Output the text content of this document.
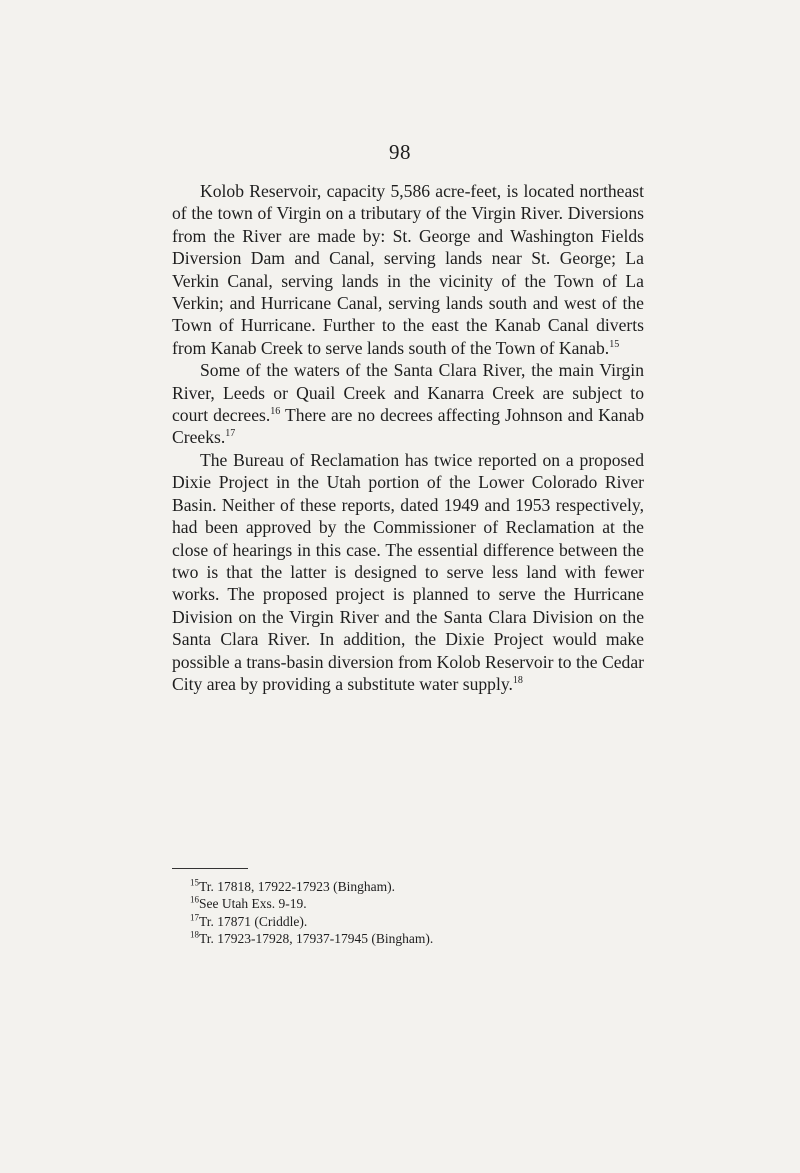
98

Kolob Reservoir, capacity 5,586 acre-feet, is located northeast of the town of Virgin on a tributary of the Virgin River. Diversions from the River are made by: St. George and Washington Fields Diversion Dam and Canal, serving lands near St. George; La Verkin Canal, serving lands in the vicinity of the Town of La Verkin; and Hurricane Canal, serving lands south and west of the Town of Hurricane. Further to the east the Kanab Canal diverts from Kanab Creek to serve lands south of the Town of Kanab.$^{15}$

Some of the waters of the Santa Clara River, the main Virgin River, Leeds or Quail Creek and Kanarra Creek are subject to court decrees.$^{16}$ There are no decrees affecting Johnson and Kanab Creeks.$^{17}$

The Bureau of Reclamation has twice reported on a proposed Dixie Project in the Utah portion of the Lower Colorado River Basin. Neither of these reports, dated 1949 and 1953 respectively, had been approved by the Commissioner of Reclamation at the close of hearings in this case. The essential difference between the two is that the latter is designed to serve less land with fewer works. The proposed project is planned to serve the Hurricane Division on the Virgin River and the Santa Clara Division on the Santa Clara River. In addition, the Dixie Project would make possible a trans-basin diversion from Kolob Reservoir to the Cedar City area by providing a substitute water supply.$^{18}$

$^{15}$Tr. 17818, 17922-17923 (Bingham).

$^{16}$See Utah Exs. 9-19.

$^{17}$Tr. 17871 (Criddle).

$^{18}$Tr. 17923-17928, 17937-17945 (Bingham).
